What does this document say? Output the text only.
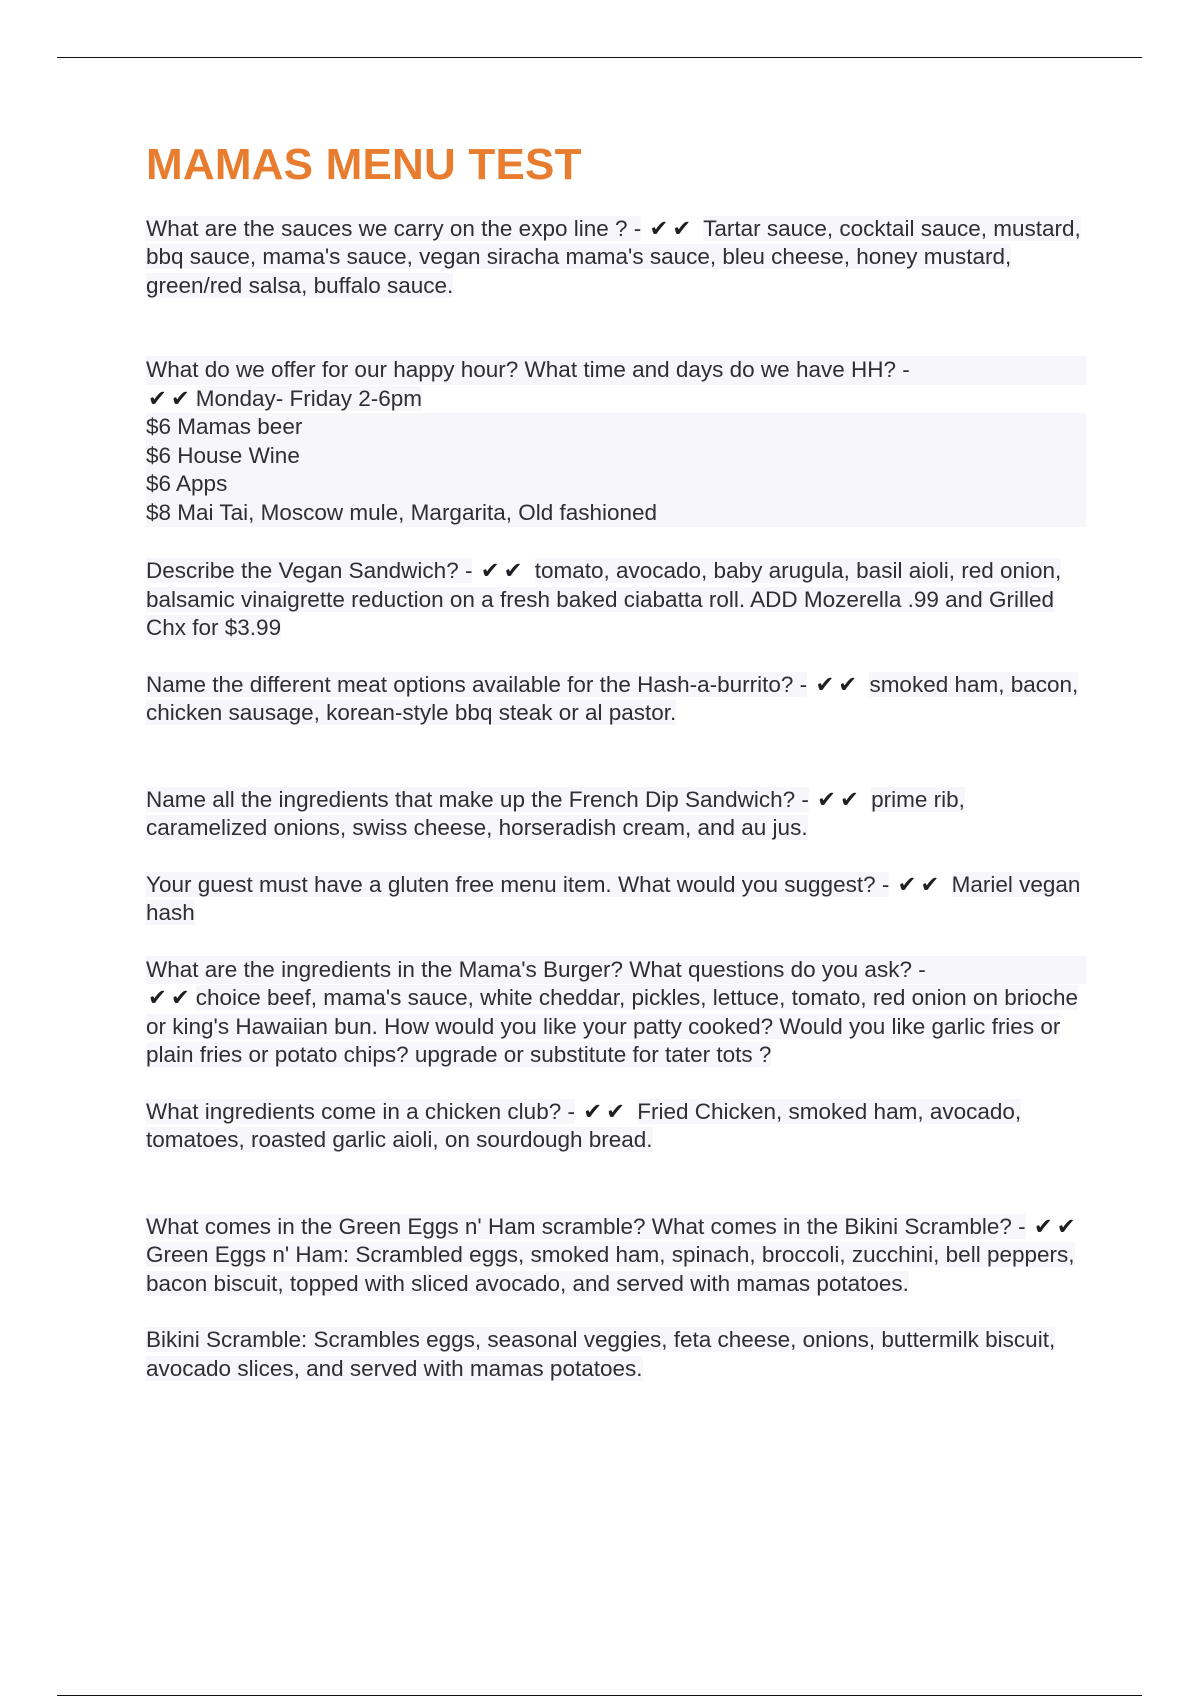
MAMAS MENU TEST

What are the sauces we carry on the expo line ? - ✔✔ Tartar sauce, cocktail sauce, mustard, bbq sauce, mama's sauce, vegan siracha mama's sauce, bleu cheese, honey mustard, green/red salsa, buffalo sauce.

What do we offer for our happy hour? What time and days do we have HH? -
✔✔Monday- Friday 2-6pm
$6 Mamas beer
$6 House Wine
$6 Apps
$8 Mai Tai, Moscow mule, Margarita, Old fashioned

Describe the Vegan Sandwich? - ✔✔ tomato, avocado, baby arugula, basil aioli, red onion, balsamic vinaigrette reduction on a fresh baked ciabatta roll. ADD Mozerella .99 and Grilled Chx for $3.99

Name the different meat options available for the Hash-a-burrito? - ✔✔ smoked ham, bacon, chicken sausage, korean-style bbq steak or al pastor.

Name all the ingredients that make up the French Dip Sandwich? - ✔✔ prime rib, caramelized onions, swiss cheese, horseradish cream, and au jus.

Your guest must have a gluten free menu item. What would you suggest? - ✔✔ Mariel vegan hash

What are the ingredients in the Mama's Burger? What questions do you ask? -
✔✔choice beef, mama's sauce, white cheddar, pickles, lettuce, tomato, red onion on brioche or king's Hawaiian bun. How would you like your patty cooked? Would you like garlic fries or plain fries or potato chips? upgrade or substitute for tater tots ?

What ingredients come in a chicken club? - ✔✔ Fried Chicken, smoked ham, avocado, tomatoes, roasted garlic aioli, on sourdough bread.

What comes in the Green Eggs n' Ham scramble? What comes in the Bikini Scramble? - ✔✔ Green Eggs n' Ham: Scrambled eggs, smoked ham, spinach, broccoli, zucchini, bell peppers, bacon biscuit, topped with sliced avocado, and served with mamas potatoes.

Bikini Scramble: Scrambles eggs, seasonal veggies, feta cheese, onions, buttermilk biscuit, avocado slices, and served with mamas potatoes.
